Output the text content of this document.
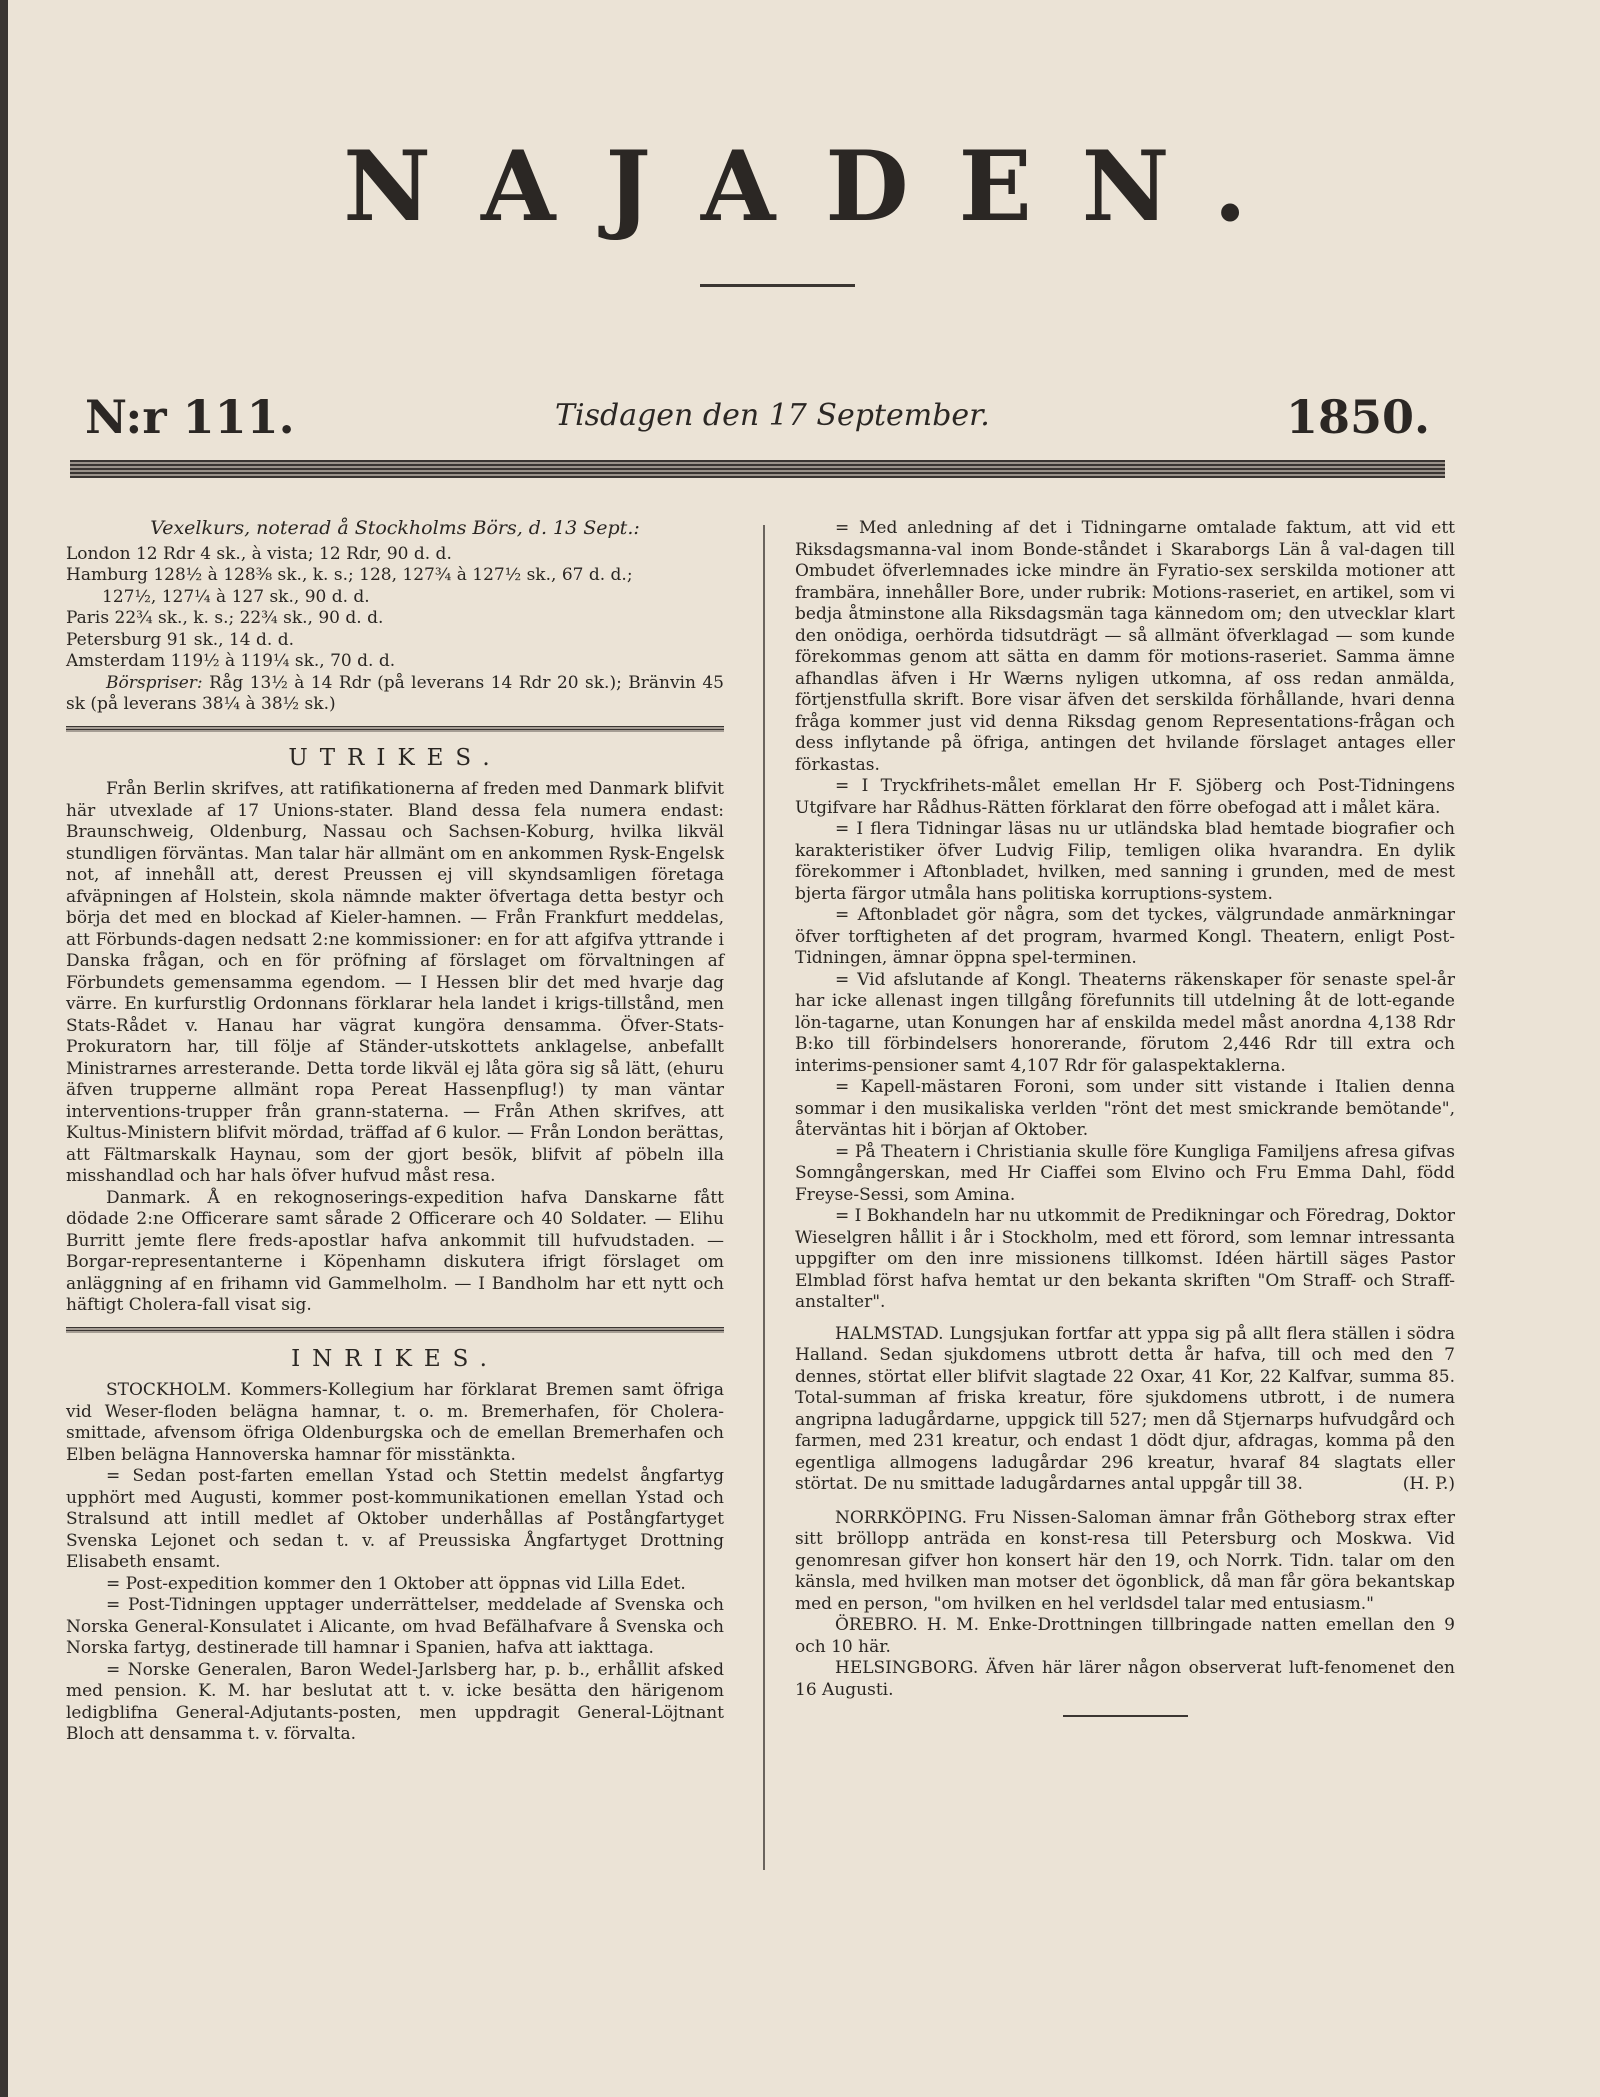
NAJADEN.
N:r 111.	Tisdagen den 17 September.	1850.

Vexelkurs, noterad å Stockholms Börs, d. 13 Sept.:

London 12 Rdr 4 sk., à vista; 12 Rdr, 90 d. d.

Hamburg 128½ à 128⅜ sk., k. s.; 128, 127¾ à 127½ sk., 67 d. d.;

127½, 127¼ à 127 sk., 90 d. d.

Paris 22¾ sk., k. s.; 22¾ sk., 90 d. d.

Petersburg 91 sk., 14 d. d.

Amsterdam 119½ à 119¼ sk., 70 d. d.

Börspriser: Råg 13½ à 14 Rdr (på leverans 14 Rdr 20 sk.); Bränvin 45 sk (på leverans 38¼ à 38½ sk.)

UTRIKES.

Från Berlin skrifves, att ratifikationerna af freden med Danmark blifvit här utvexlade af 17 Unions-stater. Bland dessa fela numera endast: Braunschweig, Oldenburg, Nassau och Sachsen-Koburg, hvilka likväl stundligen förväntas. Man talar här allmänt om en ankommen Rysk-Engelsk not, af innehåll att, derest Preussen ej vill skyndsamligen företaga afväpningen af Holstein, skola nämnde makter öfvertaga detta bestyr och börja det med en blockad af Kieler-hamnen. — Från Frankfurt meddelas, att Förbunds-dagen nedsatt 2:ne kommissioner: en for att afgifva yttrande i Danska frågan, och en för pröfning af förslaget om förvaltningen af Förbundets gemensamma egendom. — I Hessen blir det med hvarje dag värre. En kurfurstlig Ordonnans förklarar hela landet i krigs-tillstånd, men Stats-Rådet v. Hanau har vägrat kungöra densamma. Öfver-Stats-Prokuratorn har, till följe af Ständer-utskottets anklagelse, anbefallt Ministrarnes arresterande. Detta torde likväl ej låta göra sig så lätt, (ehuru äfven trupperne allmänt ropa Pereat Hassenpflug!) ty man väntar interventions-trupper från grann-staterna. — Från Athen skrifves, att Kultus-Ministern blifvit mördad, träffad af 6 kulor. — Från London berättas, att Fältmarskalk Haynau, som der gjort besök, blifvit af pöbeln illa misshandlad och har hals öfver hufvud måst resa.

Danmark. Å en rekognoserings-expedition hafva Danskarne fått dödade 2:ne Officerare samt sårade 2 Officerare och 40 Soldater. — Elihu Burritt jemte flere freds-apostlar hafva ankommit till hufvudstaden. — Borgar-representanterne i Köpenhamn diskutera ifrigt förslaget om anläggning af en frihamn vid Gammelholm. — I Bandholm har ett nytt och häftigt Cholera-fall visat sig.

INRIKES.

STOCKHOLM. Kommers-Kollegium har förklarat Bremen samt öfriga vid Weser-floden belägna hamnar, t. o. m. Bremerhafen, för Cholera-smittade, afvensom öfriga Oldenburgska och de emellan Bremerhafen och Elben belägna Hannoverska hamnar för misstänkta.

= Sedan post-farten emellan Ystad och Stettin medelst ångfartyg upphört med Augusti, kommer post-kommunikationen emellan Ystad och Stralsund att intill medlet af Oktober underhållas af Postångfartyget Svenska Lejonet och sedan t. v. af Preussiska Ångfartyget Drottning Elisabeth ensamt.

= Post-expedition kommer den 1 Oktober att öppnas vid Lilla Edet.

= Post-Tidningen upptager underrättelser, meddelade af Svenska och Norska General-Konsulatet i Alicante, om hvad Befälhafvare å Svenska och Norska fartyg, destinerade till hamnar i Spanien, hafva att iakttaga.

= Norske Generalen, Baron Wedel-Jarlsberg har, p. b., erhållit afsked med pension. K. M. har beslutat att t. v. icke besätta den härigenom ledigblifna General-Adjutants-posten, men uppdragit General-Löjtnant Bloch att densamma t. v. förvalta.

= Med anledning af det i Tidningarne omtalade faktum, att vid ett Riksdagsmanna-val inom Bonde-ståndet i Skaraborgs Län å val-dagen till Ombudet öfverlemnades icke mindre än Fyratio-sex serskilda motioner att frambära, innehåller Bore, under rubrik: Motions-raseriet, en artikel, som vi bedja åtminstone alla Riksdagsmän taga kännedom om; den utvecklar klart den onödiga, oerhörda tidsutdrägt — så allmänt öfverklagad — som kunde förekommas genom att sätta en damm för motions-raseriet. Samma ämne afhandlas äfven i Hr Wærns nyligen utkomna, af oss redan anmälda, förtjenstfulla skrift. Bore visar äfven det serskilda förhållande, hvari denna fråga kommer just vid denna Riksdag genom Representations-frågan och dess inflytande på öfriga, antingen det hvilande förslaget antages eller förkastas.

= I Tryckfrihets-målet emellan Hr F. Sjöberg och Post-Tidningens Utgifvare har Rådhus-Rätten förklarat den förre obefogad att i målet kära.

= I flera Tidningar läsas nu ur utländska blad hemtade biografier och karakteristiker öfver Ludvig Filip, temligen olika hvarandra. En dylik förekommer i Aftonbladet, hvilken, med sanning i grunden, med de mest bjerta färgor utmåla hans politiska korruptions-system.

= Aftonbladet gör några, som det tyckes, välgrundade anmärkningar öfver torftigheten af det program, hvarmed Kongl. Theatern, enligt Post-Tidningen, ämnar öppna spel-terminen.

= Vid afslutande af Kongl. Theaterns räkenskaper för senaste spel-år har icke allenast ingen tillgång förefunnits till utdelning åt de lott-egande lön-tagarne, utan Konungen har af enskilda medel måst anordna 4,138 Rdr B:ko till förbindelsers honorerande, förutom 2,446 Rdr till extra och interims-pensioner samt 4,107 Rdr för galaspektaklerna.

= Kapell-mästaren Foroni, som under sitt vistande i Italien denna sommar i den musikaliska verlden "rönt det mest smickrande bemötande", återväntas hit i början af Oktober.

= På Theatern i Christiania skulle före Kungliga Familjens afresa gifvas Somngångerskan, med Hr Ciaffei som Elvino och Fru Emma Dahl, född Freyse-Sessi, som Amina.

= I Bokhandeln har nu utkommit de Predikningar och Föredrag, Doktor Wieselgren hållit i år i Stockholm, med ett förord, som lemnar intressanta uppgifter om den inre missionens tillkomst. Idéen härtill säges Pastor Elmblad först hafva hemtat ur den bekanta skriften "Om Straff- och Straff-anstalter".

HALMSTAD. Lungsjukan fortfar att yppa sig på allt flera ställen i södra Halland. Sedan sjukdomens utbrott detta år hafva, till och med den 7 dennes, störtat eller blifvit slagtade 22 Oxar, 41 Kor, 22 Kalfvar, summa 85. Total-summan af friska kreatur, före sjukdomens utbrott, i de numera angripna ladugårdarne, uppgick till 527; men då Stjernarps hufvudgård och farmen, med 231 kreatur, och endast 1 dödt djur, afdragas, komma på den egentliga allmogens ladugårdar 296 kreatur, hvaraf 84 slagtats eller störtat. De nu smittade ladugårdarnes antal uppgår till 38.	(H. P.)

NORRKÖPING. Fru Nissen-Saloman ämnar från Götheborg strax efter sitt bröllopp anträda en konst-resa till Petersburg och Moskwa. Vid genomresan gifver hon konsert här den 19, och Norrk. Tidn. talar om den känsla, med hvilken man motser det ögonblick, då man får göra bekantskap med en person, "om hvilken en hel verldsdel talar med entusiasm."

ÖREBRO. H. M. Enke-Drottningen tillbringade natten emellan den 9 och 10 här.

HELSINGBORG. Äfven här lärer någon observerat luft-fenomenet den 16 Augusti.
